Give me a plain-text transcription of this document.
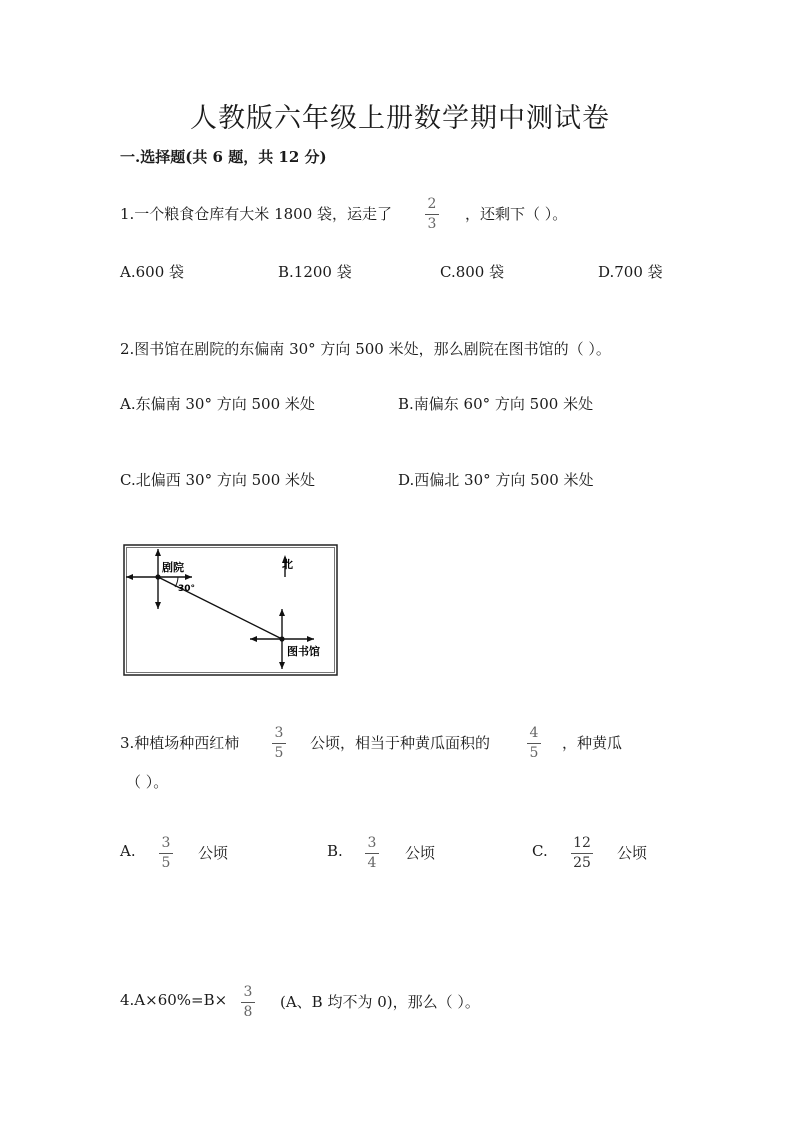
人教版六年级上册数学期中测试卷
一.选择题(共 6 题，共 12 分)
1.一个粮食仓库有大米 1800 袋，运走了
2
3
，还剩下（ ）。
A.600 袋	B.1200 袋	C.800 袋	D.700 袋
2.图书馆在剧院的东偏南 30° 方向 500 米处，那么剧院在图书馆的（ ）。
A.东偏南 30° 方向 500 米处	B.南偏东 60° 方向 500 米处
C.北偏西 30° 方向 500 米处	D.西偏北 30° 方向 500 米处
剧院
30°
北
图书馆
3.种植场种西红柿
3
5
公顷，相当于种黄瓜面积的
4
5
，种黄瓜
（ ）。
A. 3
5
公顷	B. 3
4
公顷	C. 12
25
公顷
4.A×60%=B× 3
8
(A、B 均不为 0)，那么（ ）。
